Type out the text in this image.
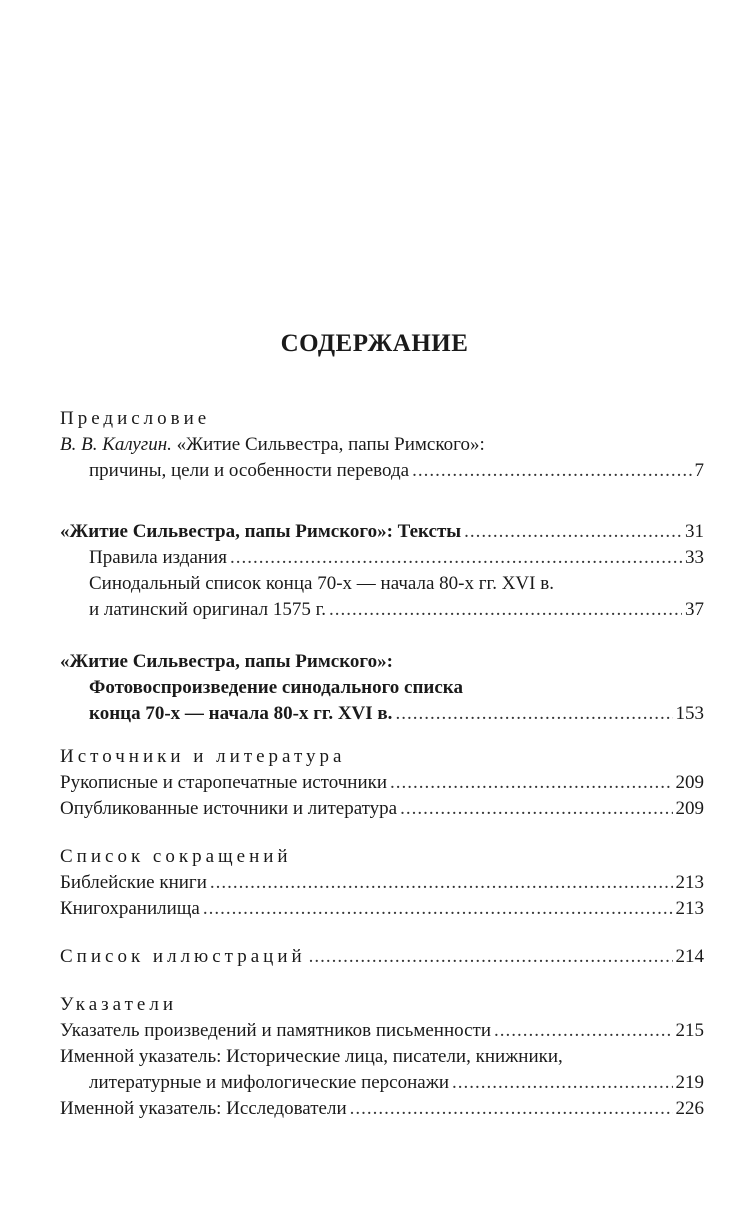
СОДЕРЖАНИЕ
Предисловие
В. В. Калугин. «Житие Сильвестра, папы Римского»:
причины, цели и особенности перевода .....	7
«Житие Сильвестра, папы Римского»: Тексты .....	31
Правила издания .....	33
Синодальный список конца 70-х — начала 80-х гг. XVI в.
и латинский оригинал 1575 г. .....	37
«Житие Сильвестра, папы Римского»:
Фотовоспроизведение синодального списка
конца 70-х — начала 80-х гг. XVI в. .....	153
Источники и литература
Рукописные и старопечатные источники .....	209
Опубликованные источники и литература .....	209
Список сокращений
Библейские книги .....	213
Книгохранилища .....	213
Список иллюстраций .....	214
Указатели
Указатель произведений и памятников письменности .....	215
Именной указатель: Исторические лица, писатели, книжники,
литературные и мифологические персонажи .....	219
Именной указатель: Исследователи .....	226
